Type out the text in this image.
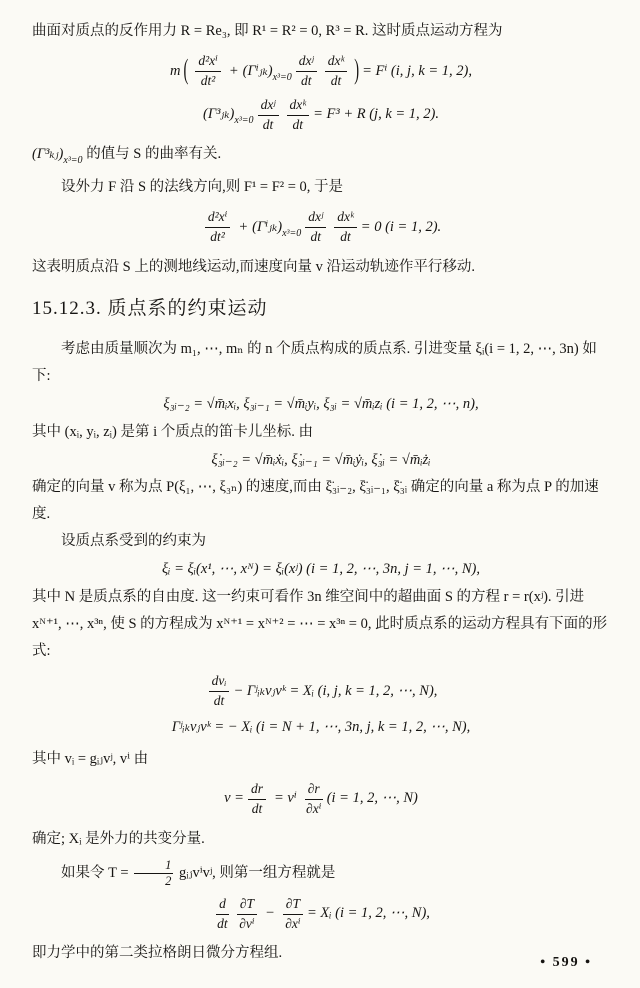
曲面对质点的反作用力 R = Re₃, 即 R¹ = R² = 0, R³ = R. 这时质点运动方程为

m ( $\frac{\text{d²xⁱ}}{\text{dt²}}$ + $(\Gamma^iⱼ_k)_{x^3=0} \frac{\text{dxʲ}}{dt} \frac{\text{dxᵏ}}{dt}$ ) = Fⁱ (i, j, k = 1, 2),
$(\Gamma^3ⱼ_k)_{x^3=0} \frac{\text{dxʲ}}{dt} \frac{\text{dxᵏ}}{dt} = F^3 + R$ (j, k = 1, 2).

$(\Gamma^3_kⱼ)_{x^3=0}$ 的值与 S 的曲率有关.

设外力 F 沿 S 的法线方向,则 F¹ = F² = 0, 于是

$\frac{\text{d²xⁱ}}{\text{dt²}}$ + $(\Gamma^iⱼ_k)_{x^3=0} \frac{\text{dxʲ}}{dt} \frac{\text{dxᵏ}}{dt} = 0$ (i = 1, 2).

这表明质点沿 S 上的测地线运动,而速度向量 v 沿运动轨迹作平行移动.

15.12.3. 质点系的约束运动

考虑由质量顺次为 m₁, ⋯, mₙ 的 n 个质点构成的质点系. 引进变量 ξᵢ(i = 1, 2, ⋯, 3n) 如下:

ξ₃ᵢ₋₂ = √m̄ᵢxᵢ, ξ₃ᵢ₋₁ = √m̄ᵢyᵢ, ξ₃ᵢ = √m̄ᵢzᵢ (i = 1, 2, ⋯, n),

其中 (xᵢ, yᵢ, zᵢ) 是第 i 个质点的笛卡儿坐标. 由

ξ̇₃ᵢ₋₂ = √m̄ᵢẋᵢ, ξ̇₃ᵢ₋₁ = √m̄ᵢẏᵢ, ξ̇₃ᵢ = √m̄ᵢżᵢ

确定的向量 v 称为点 P(ξ₁, ⋯, ξ₃ₙ) 的速度,而由 ξ̈₃ᵢ₋₂, ξ̈₃ᵢ₋₁, ξ̈₃ᵢ 确定的向量 a 称为点 P 的加速度.

设质点系受到的约束为

ξᵢ = ξᵢ(x¹, ⋯, xᴺ) = ξᵢ(xʲ) (i = 1, 2, ⋯, 3n, j = 1, ⋯, N),

其中 N 是质点系的自由度. 这一约束可看作 3n 维空间中的超曲面 S 的方程 r = r(xʲ). 引进 xᴺ⁺¹, ⋯, x³ⁿ, 使 S 的方程成为 xᴺ⁺¹ = xᴺ⁺² = ⋯ = x³ⁿ = 0, 此时质点系的运动方程具有下面的形式:

$\frac{\text{dvᵢ}}{dt}$ − Γʲᵢₖvⱼvᵏ = Xᵢ (i, j, k = 1, 2, ⋯, N),
Γʲᵢₖvⱼvᵏ = − Xᵢ (i = N + 1, ⋯, 3n, j, k = 1, 2, ⋯, N),

其中 vᵢ = gᵢⱼvʲ, vⁱ 由

$v = \frac{dr}{dt} = v^i \frac{\partial r}{\text{∂xⁱ}} (i = 1$, 2, ⋯, N)

确定; Xᵢ 是外力的共变分量.

如果令 $T = \frac{1}{2}$ gᵢⱼvⁱvʲ, 则第一组方程就是

$\frac{d}{dt} \frac{\partial T}{\text{∂vⁱ}} - \frac{\partial T}{\text{∂xⁱ}}$ = Xᵢ (i = 1, 2, ⋯, N),

即力学中的第二类拉格朗日微分方程组.

• 599 •
